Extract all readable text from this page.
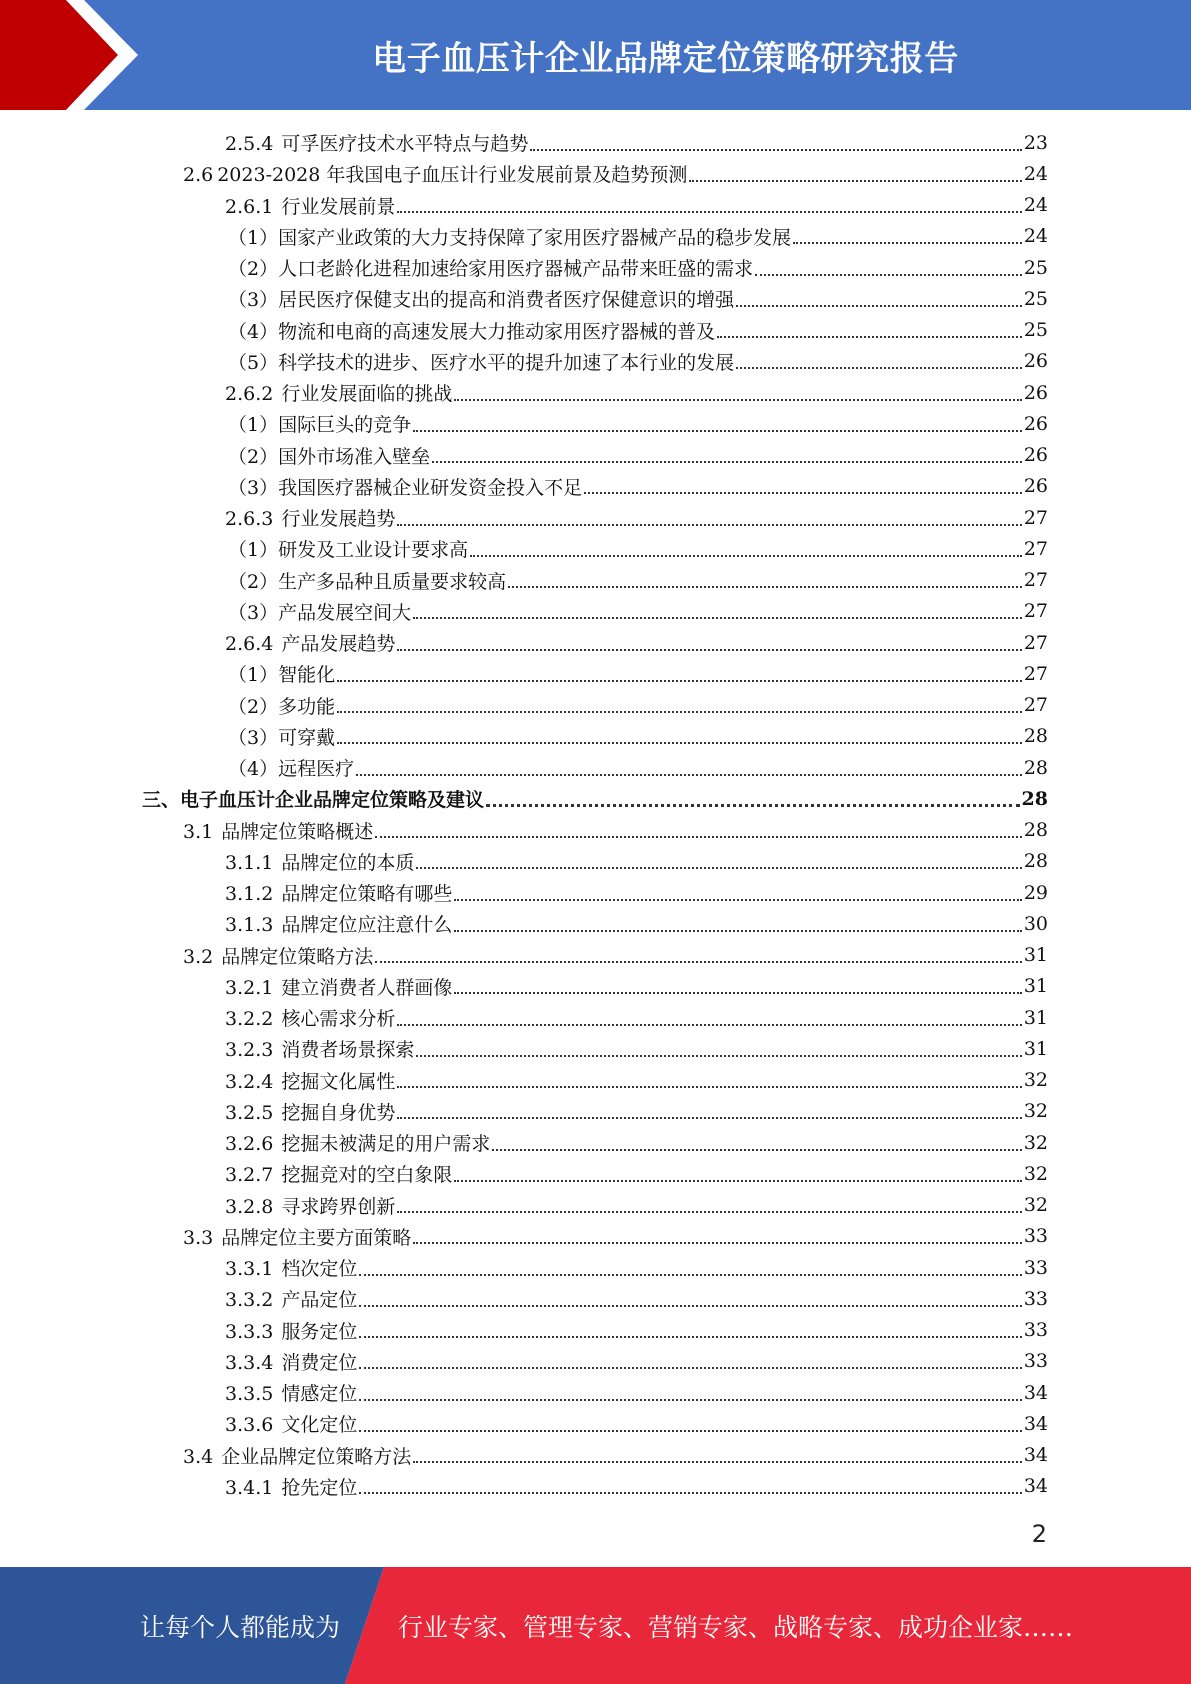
电子血压计企业品牌定位策略研究报告
2.5.4 可孚医疗技术水平特点与趋势	23
2.6 2023-2028 年我国电子血压计行业发展前景及趋势预测	24
2.6.1 行业发展前景	24
（1） 国家产业政策的大力支持保障了家用医疗器械产品的稳步发展	24
（2） 人口老龄化进程加速给家用医疗器械产品带来旺盛的需求	25
（3） 居民医疗保健支出的提高和消费者医疗保健意识的增强	25
（4） 物流和电商的高速发展大力推动家用医疗器械的普及	25
（5） 科学技术的进步、医疗水平的提升加速了本行业的发展	26
2.6.2 行业发展面临的挑战	26
（1） 国际巨头的竞争	26
（2） 国外市场准入壁垒	26
（3） 我国医疗器械企业研发资金投入不足	26
2.6.3 行业发展趋势	27
（1） 研发及工业设计要求高	27
（2） 生产多品种且质量要求较高	27
（3） 产品发展空间大	27
2.6.4 产品发展趋势	27
（1） 智能化	27
（2） 多功能	27
（3） 可穿戴	28
（4） 远程医疗	28
三、 电子血压计企业品牌定位策略及建议	28
3.1 品牌定位策略概述	28
3.1.1 品牌定位的本质	28
3.1.2 品牌定位策略有哪些	29
3.1.3 品牌定位应注意什么	30
3.2 品牌定位策略方法	31
3.2.1 建立消费者人群画像	31
3.2.2 核心需求分析	31
3.2.3 消费者场景探索	31
3.2.4 挖掘文化属性	32
3.2.5 挖掘自身优势	32
3.2.6 挖掘未被满足的用户需求	32
3.2.7 挖掘竞对的空白象限	32
3.2.8 寻求跨界创新	32
3.3 品牌定位主要方面策略	33
3.3.1 档次定位	33
3.3.2 产品定位	33
3.3.3 服务定位	33
3.3.4 消费定位	33
3.3.5 情感定位	34
3.3.6 文化定位	34
3.4 企业品牌定位策略方法	34
3.4.1 抢先定位	34
2
让每个人都能成为 行业专家、管理专家、营销专家、战略专家、成功企业家……
